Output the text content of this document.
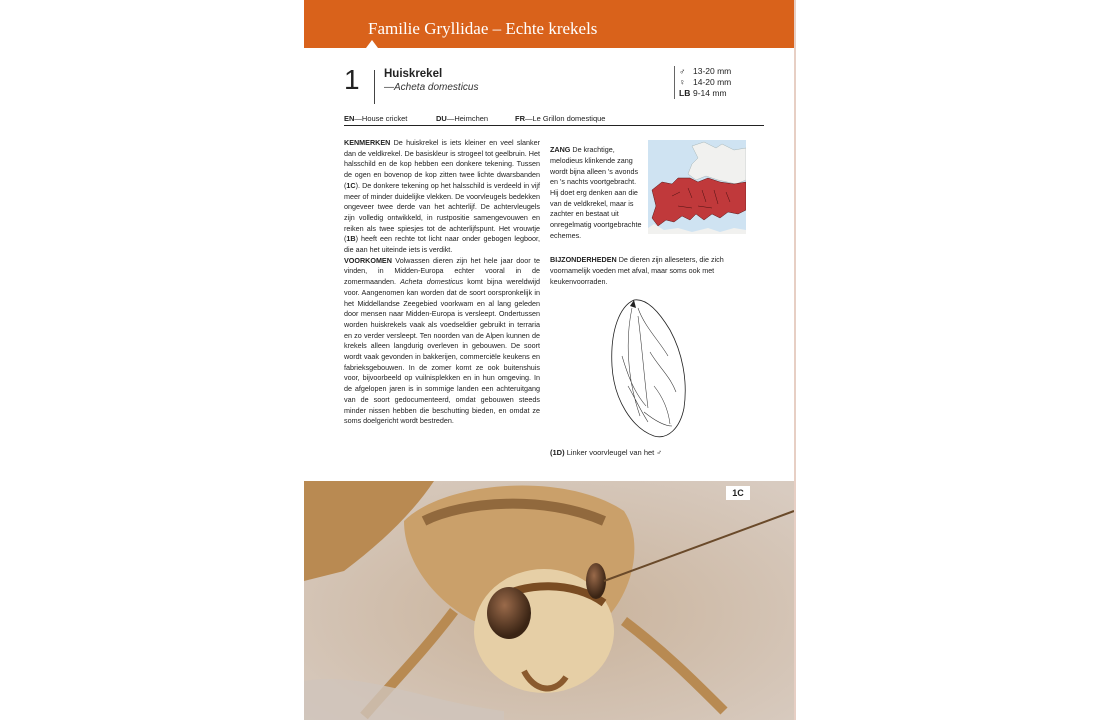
Familie Gryllidae – Echte krekels
1 Huiskrekel
—Acheta domesticus
♂ 13-20 mm
♀ 14-20 mm
LB 9-14 mm
EN—House cricket	DU—Heimchen	FR—Le Grillon domestique

KENMERKEN De huiskrekel is iets kleiner en veel slanker dan de veldkrekel. De basiskleur is strogeel tot geelbruin. Het halsschild en de kop hebben een donkere tekening. Tussen de ogen en bovenop de kop zitten twee lichte dwarsbanden (1C). De donkere tekening op het halsschild is verdeeld in vijf meer of minder duidelijke vlekken. De voorvleugels bedekken ongeveer twee derde van het achterlijf. De achtervleugels zijn volledig ontwikkeld, in rustpositie samengevouwen en reiken als twee spiesjes tot de achterlijfspunt. Het vrouwtje (1B) heeft een rechte tot licht naar onder gebogen legboor, die aan het uiteinde iets is verdikt.

VOORKOMEN Volwassen dieren zijn het hele jaar door te vinden, in Midden-Europa echter vooral in de zomermaanden. Acheta domesticus komt bijna wereldwijd voor. Aangenomen kan worden dat de soort oorspronkelijk in het Middellandse Zeegebied voorkwam en al lang geleden door mensen naar Midden-Europa is versleept. Ondertussen worden huiskrekels vaak als voedseldier gebruikt in terraria en zo verder versleept. Ten noorden van de Alpen kunnen de krekels alleen langdurig overleven in gebouwen. De soort wordt vaak gevonden in bakkerijen, commerciële keukens en fabrieksgebouwen. In de zomer komt ze ook buitenshuis voor, bijvoorbeeld op vuilnisplekken en in hun omgeving. In de afgelopen jaren is in sommige landen een achteruitgang van de soort gedocumenteerd, omdat gebouwen steeds minder nissen hebben die beschutting bieden, en omdat ze soms doelgericht wordt bestreden.

ZANG De krachtige, melodieus klinkende zang wordt bijna alleen 's avonds en 's nachts voortgebracht. Hij doet erg denken aan die van de veldkrekel, maar is zachter en bestaat uit onregelmatig voortgebrachte echemes.

BIJZONDERHEDEN De dieren zijn alleseters, die zich voornamelijk voeden met afval, maar soms ook met keukenvoorraden.

(1D) Linker voorvleugel van het ♂
1C
